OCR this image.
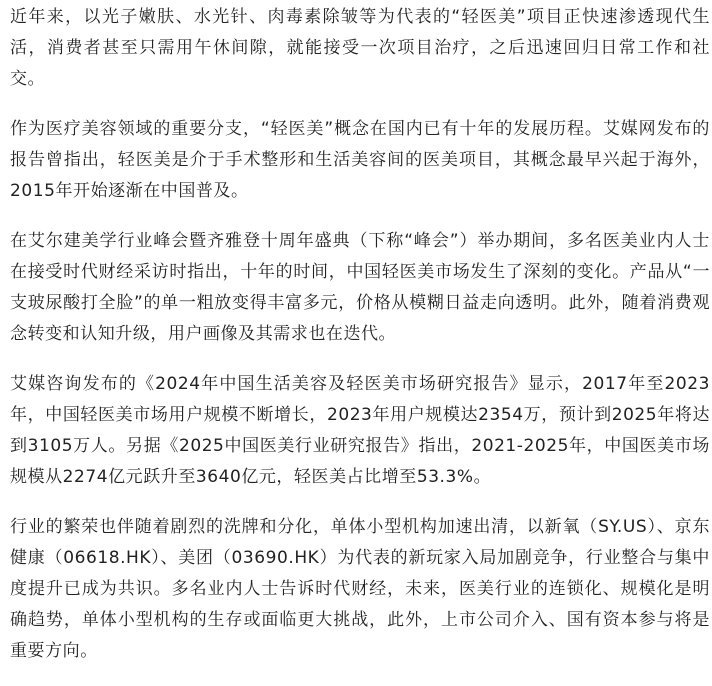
近年来，以光子嫩肤、水光针、肉毒素除皱等为代表的“轻医美”项目正快速渗透现代生活，消费者甚至只需用午休间隙，就能接受一次项目治疗，之后迅速回归日常工作和社交。

作为医疗美容领域的重要分支，“轻医美”概念在国内已有十年的发展历程。艾媒网发布的报告曾指出，轻医美是介于手术整形和生活美容间的医美项目，其概念最早兴起于海外，2015年开始逐渐在中国普及。

在艾尔建美学行业峰会暨齐雅登十周年盛典（下称“峰会”）举办期间，多名医美业内人士在接受时代财经采访时指出，十年的时间，中国轻医美市场发生了深刻的变化。产品从“一支玻尿酸打全脸”的单一粗放变得丰富多元，价格从模糊日益走向透明。此外，随着消费观念转变和认知升级，用户画像及其需求也在迭代。

艾媒咨询发布的《2024年中国生活美容及轻医美市场研究报告》显示，2017年至2023年，中国轻医美市场用户规模不断增长，2023年用户规模达2354万，预计到2025年将达到3105万人。另据《2025中国医美行业研究报告》指出，2021-2025年，中国医美市场规模从2274亿元跃升至3640亿元，轻医美占比增至53.3%。

行业的繁荣也伴随着剧烈的洗牌和分化，单体小型机构加速出清，以新氧（SY.US）、京东健康（06618.HK）、美团（03690.HK）为代表的新玩家入局加剧竞争，行业整合与集中度提升已成为共识。多名业内人士告诉时代财经，未来，医美行业的连锁化、规模化是明确趋势，单体小型机构的生存或面临更大挑战，此外，上市公司介入、国有资本参与将是重要方向。
